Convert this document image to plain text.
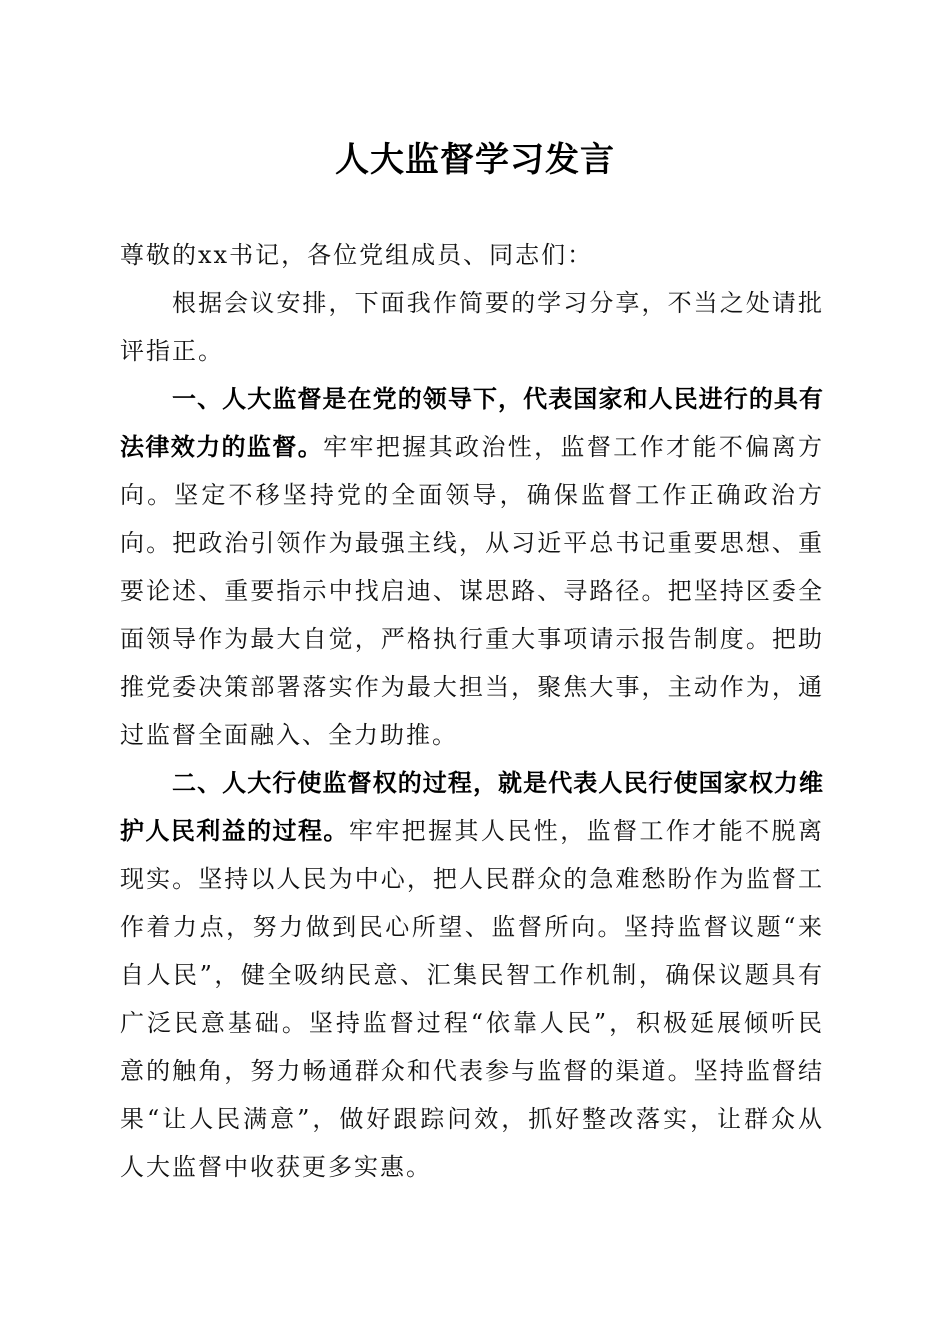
人大监督学习发言

尊敬的xx书记，各位党组成员、同志们：

根据会议安排，下面我作简要的学习分享，不当之处请批评指正。

一、人大监督是在党的领导下，代表国家和人民进行的具有法律效力的监督。牢牢把握其政治性，监督工作才能不偏离方向。坚定不移坚持党的全面领导，确保监督工作正确政治方向。把政治引领作为最强主线，从习近平总书记重要思想、重要论述、重要指示中找启迪、谋思路、寻路径。把坚持区委全面领导作为最大自觉，严格执行重大事项请示报告制度。把助推党委决策部署落实作为最大担当，聚焦大事，主动作为，通过监督全面融入、全力助推。

二、人大行使监督权的过程，就是代表人民行使国家权力维护人民利益的过程。牢牢把握其人民性，监督工作才能不脱离现实。坚持以人民为中心，把人民群众的急难愁盼作为监督工作着力点，努力做到民心所望、监督所向。坚持监督议题“来自人民”，健全吸纳民意、汇集民智工作机制，确保议题具有广泛民意基础。坚持监督过程“依靠人民”，积极延展倾听民意的触角，努力畅通群众和代表参与监督的渠道。坚持监督结果“让人民满意”，做好跟踪问效，抓好整改落实，让群众从人大监督中收获更多实惠。
